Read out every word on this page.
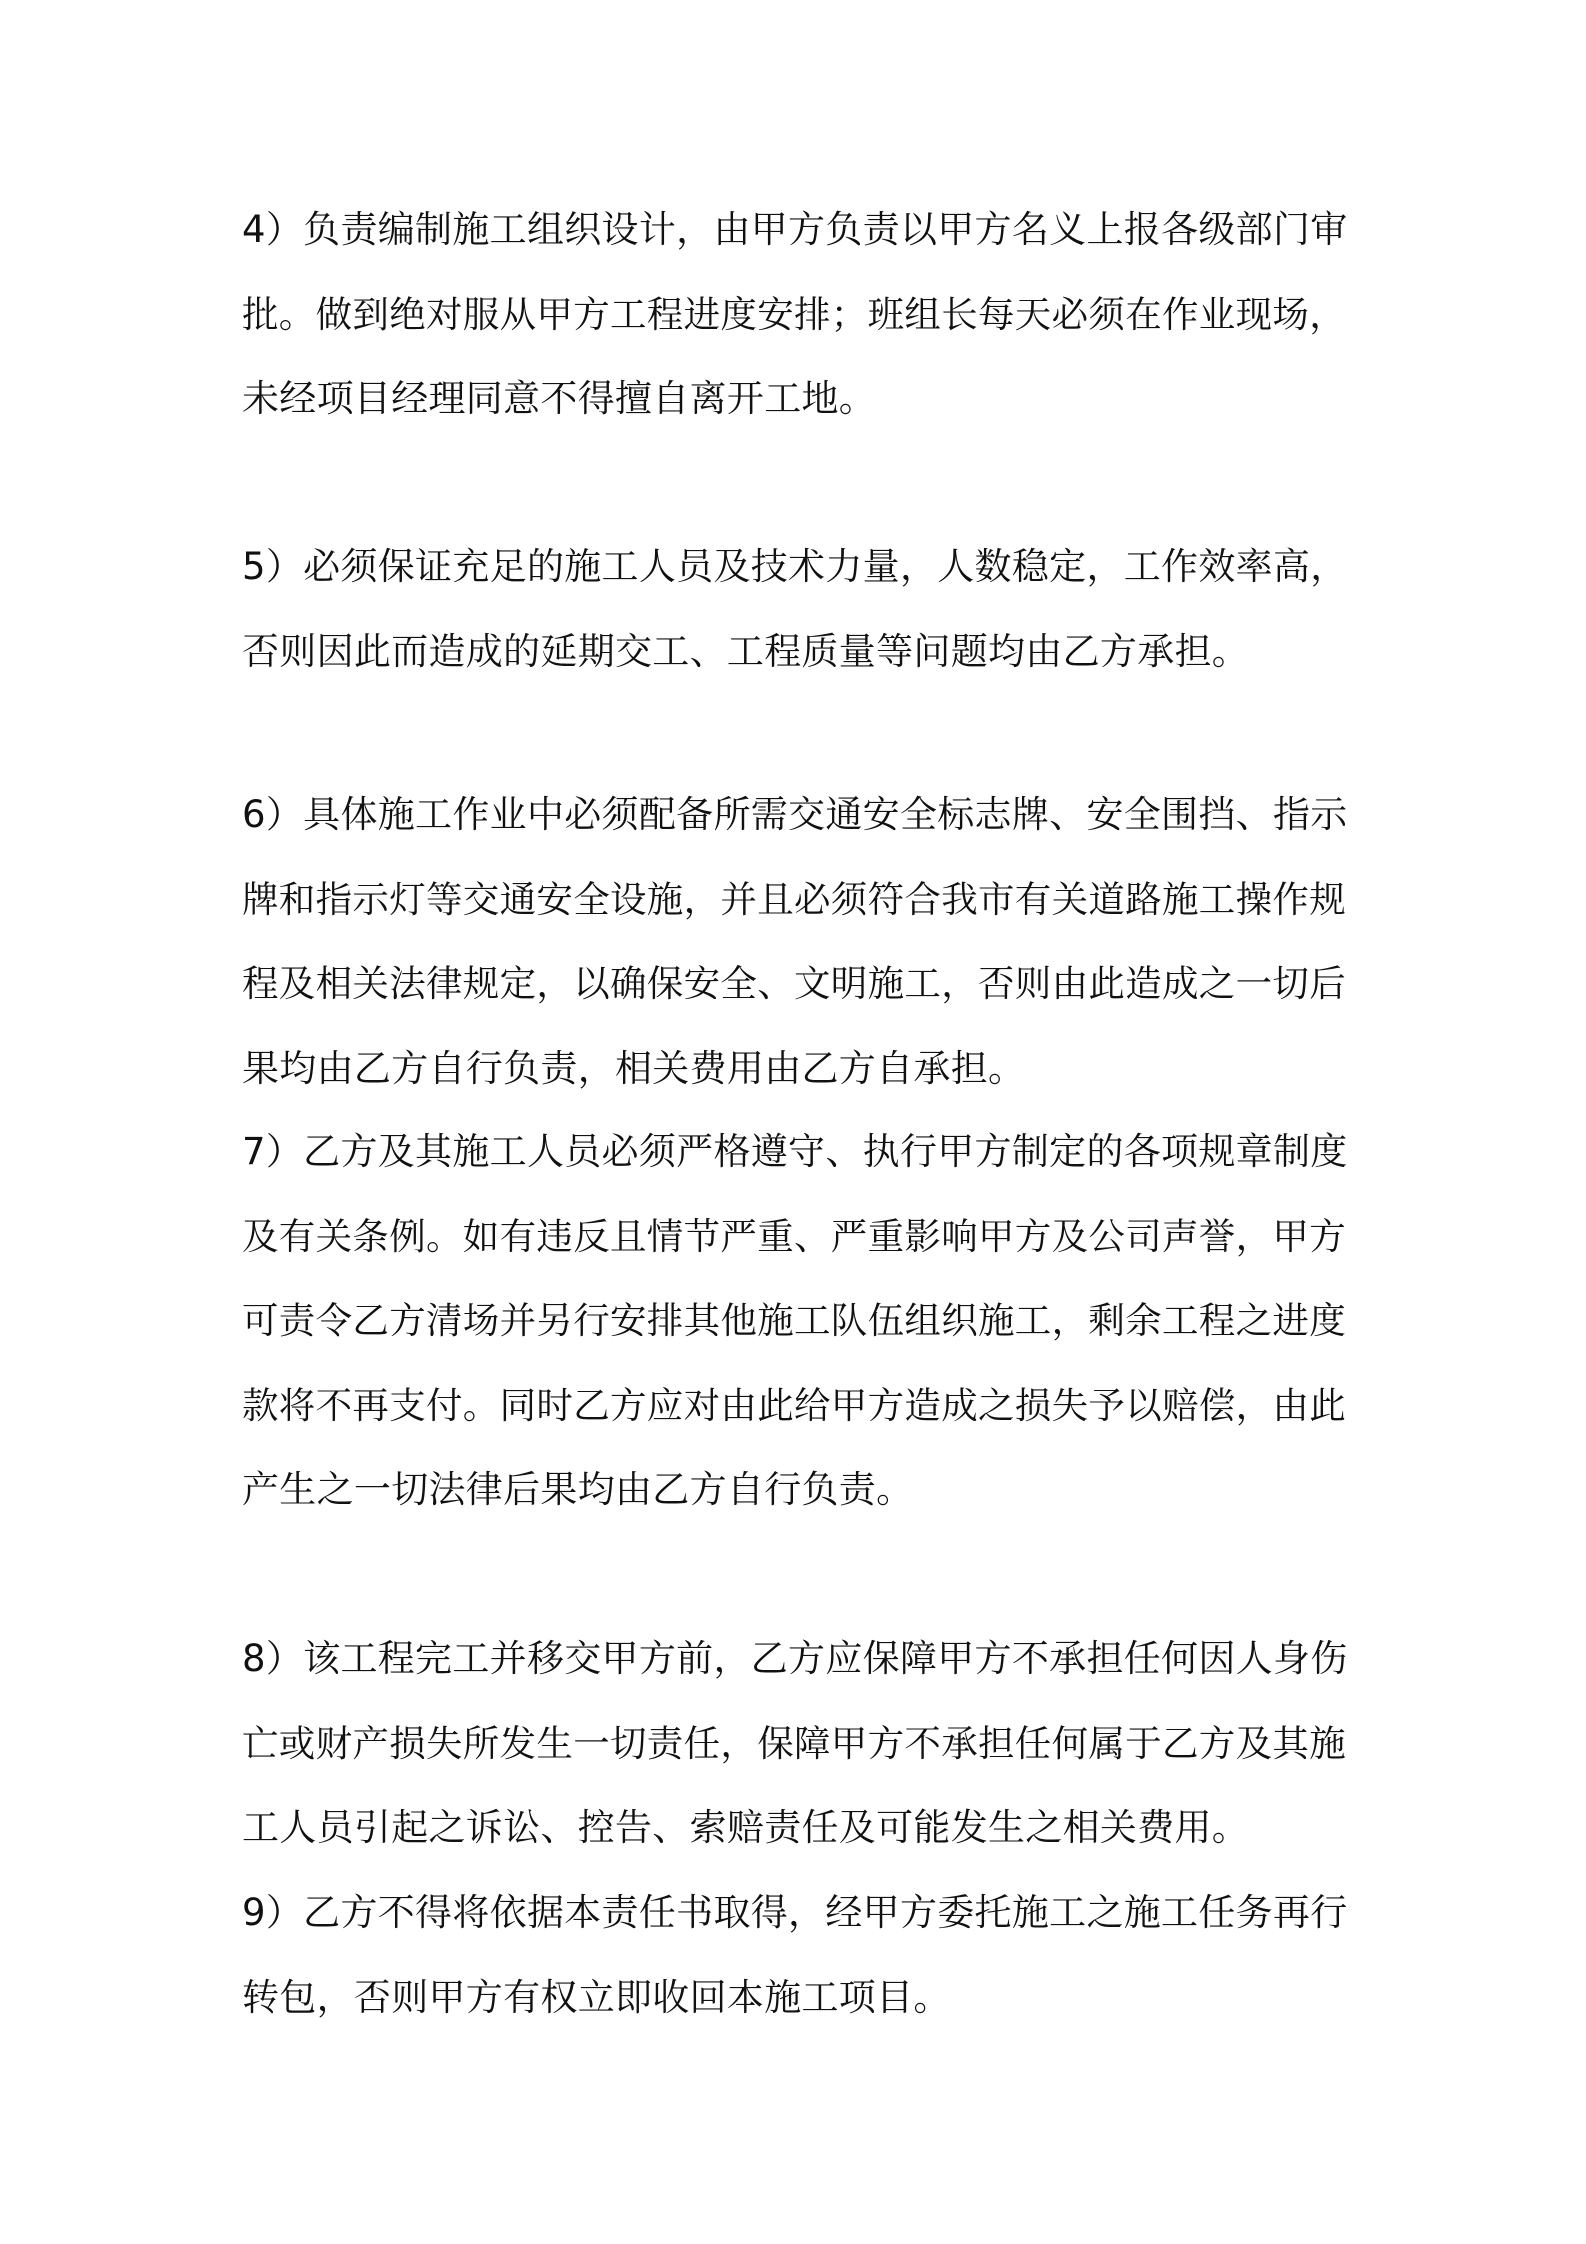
4）负责编制施工组织设计，由甲方负责以甲方名义上报各级部门审
批。做到绝对服从甲方工程进度安排；班组长每天必须在作业现场，
未经项目经理同意不得擅自离开工地。

5）必须保证充足的施工人员及技术力量，人数稳定，工作效率高，
否则因此而造成的延期交工、工程质量等问题均由乙方承担。

6）具体施工作业中必须配备所需交通安全标志牌、安全围挡、指示
牌和指示灯等交通安全设施，并且必须符合我市有关道路施工操作规
程及相关法律规定，以确保安全、文明施工，否则由此造成之一切后
果均由乙方自行负责，相关费用由乙方自承担。

7）乙方及其施工人员必须严格遵守、执行甲方制定的各项规章制度
及有关条例。如有违反且情节严重、严重影响甲方及公司声誉，甲方
可责令乙方清场并另行安排其他施工队伍组织施工，剩余工程之进度
款将不再支付。同时乙方应对由此给甲方造成之损失予以赔偿，由此
产生之一切法律后果均由乙方自行负责。

8）该工程完工并移交甲方前，乙方应保障甲方不承担任何因人身伤
亡或财产损失所发生一切责任，保障甲方不承担任何属于乙方及其施
工人员引起之诉讼、控告、索赔责任及可能发生之相关费用。

9）乙方不得将依据本责任书取得，经甲方委托施工之施工任务再行
转包，否则甲方有权立即收回本施工项目。
